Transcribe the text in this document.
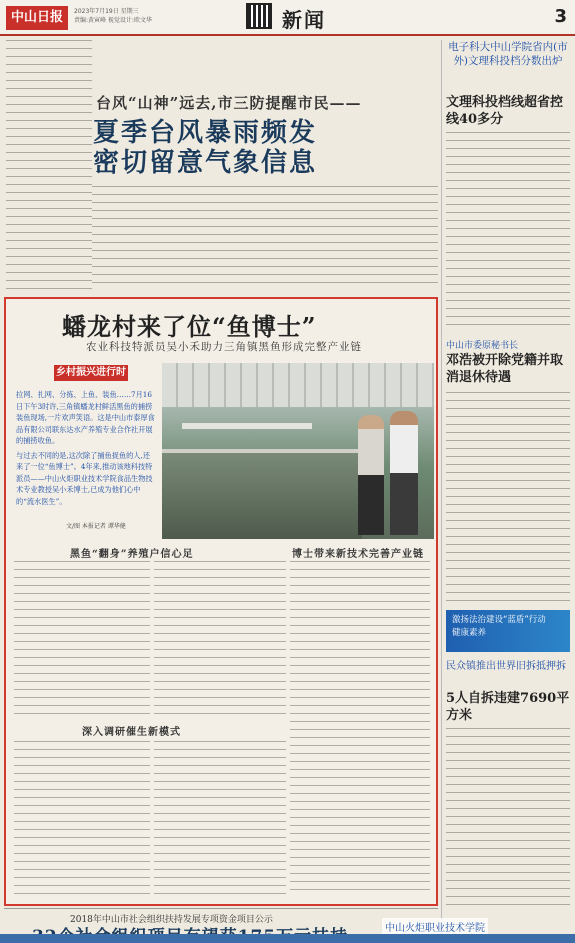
中山日报	2023年7月19日 星期三
责编:黄寅峰 视觉设计:欧文华	新闻	3
台风“山神”远去,市三防提醒市民——
夏季台风暴雨频发
密切留意气象信息
蟠龙村来了位“鱼博士”
农业科技特派员吴小禾助力三角镇黑鱼形成完整产业链
乡村振兴进行时

拉网、扎网、分拣、上鱼、装鱼……7月16日下午3时许,三角镇蟠龙村鲜活黑鱼的捕捞装鱼现场,一片欢声笑语。这是中山市泰厚食品有限公司联东达水产养殖专业合作社开展的捕捞收鱼。

与过去不同的是,这次除了捕鱼捉鱼的人,还来了一位“鱼博士”。4年来,推动该地科技特派员——中山火炬职业技术学院食品生物技术专业教授吴小禾博士,已成为他们心中的“流水医生”。

文/图 本报记者 谭华健
黑鱼“翻身”养殖户信心足	博士带来新技术完善产业链
深入调研催生新模式
电子科大中山学院省内(市外)文理科投档分数出炉
文理科投档线超省控线40多分
中山市委原秘书长
邓浩被开除党籍并取消退休待遇
激扬法治建设“蓝盾”行动
健康素养
民众镇推出世界旧拆抵押拆
5人自拆违建7690平方米
2018年中山市社会组织扶持发展专项资金项目公示
中山火炬职业技术学院
